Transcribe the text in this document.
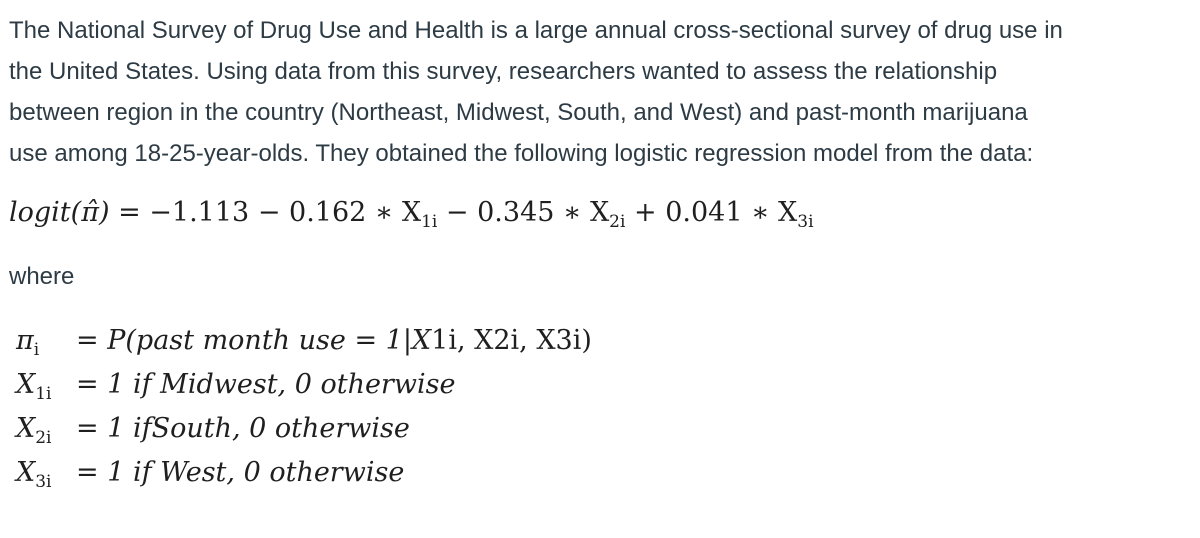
The National Survey of Drug Use and Health is a large annual cross-sectional survey of drug use in
the United States. Using data from this survey, researchers wanted to assess the relationship
between region in the country (Northeast, Midwest, South, and West) and past-month marijuana
use among 18-25-year-olds. They obtained the following logistic regression model from the data:
logit(π̂) = −1.113 − 0.162 ∗ $X_{1i} - 0.345$ ∗ $X_{2i} + 0.041$ ∗ $X_{3i}$
where
$\pi_i$	= P(past month use = 1|X 1i, X2i, X3i)
$X_{1i} = 1$ if Midwest, 0 otherwise
$X_{2i} = 1$ ifSouth, 0 otherwise
$X_{3i} = 1$ if West, 0 otherwise
